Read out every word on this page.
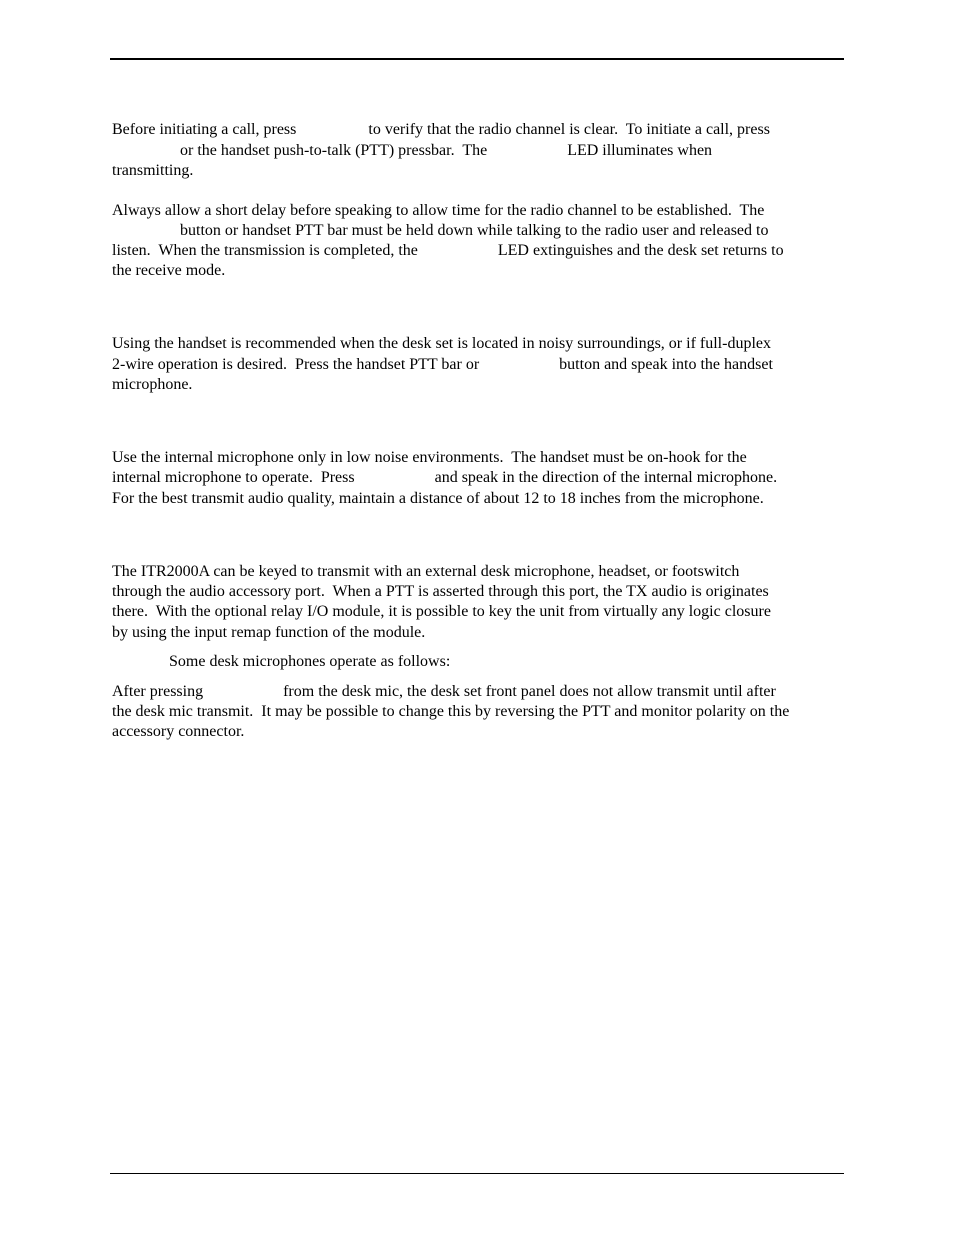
Before initiating a call, press                  to verify that the radio channel is clear.  To initiate a call, press
or the handset push-to-talk (PTT) pressbar.  The                    LED illuminates when
transmitting.
Always allow a short delay before speaking to allow time for the radio channel to be established.  The
button or handset PTT bar must be held down while talking to the radio user and released to
listen.  When the transmission is completed, the                    LED extinguishes and the desk set returns to
the receive mode.
Using the handset is recommended when the desk set is located in noisy surroundings, or if full-duplex
2-wire operation is desired.  Press the handset PTT bar or                    button and speak into the handset
microphone.
Use the internal microphone only in low noise environments.  The handset must be on-hook for the
internal microphone to operate.  Press                    and speak in the direction of the internal microphone.
For the best transmit audio quality, maintain a distance of about 12 to 18 inches from the microphone.
The ITR2000A can be keyed to transmit with an external desk microphone, headset, or footswitch
through the audio accessory port.  When a PTT is asserted through this port, the TX audio is originates
there.  With the optional relay I/O module, it is possible to key the unit from virtually any logic closure
by using the input remap function of the module.
Some desk microphones operate as follows:
After pressing                    from the desk mic, the desk set front panel does not allow transmit until after
the desk mic transmit.  It may be possible to change this by reversing the PTT and monitor polarity on the
accessory connector.
